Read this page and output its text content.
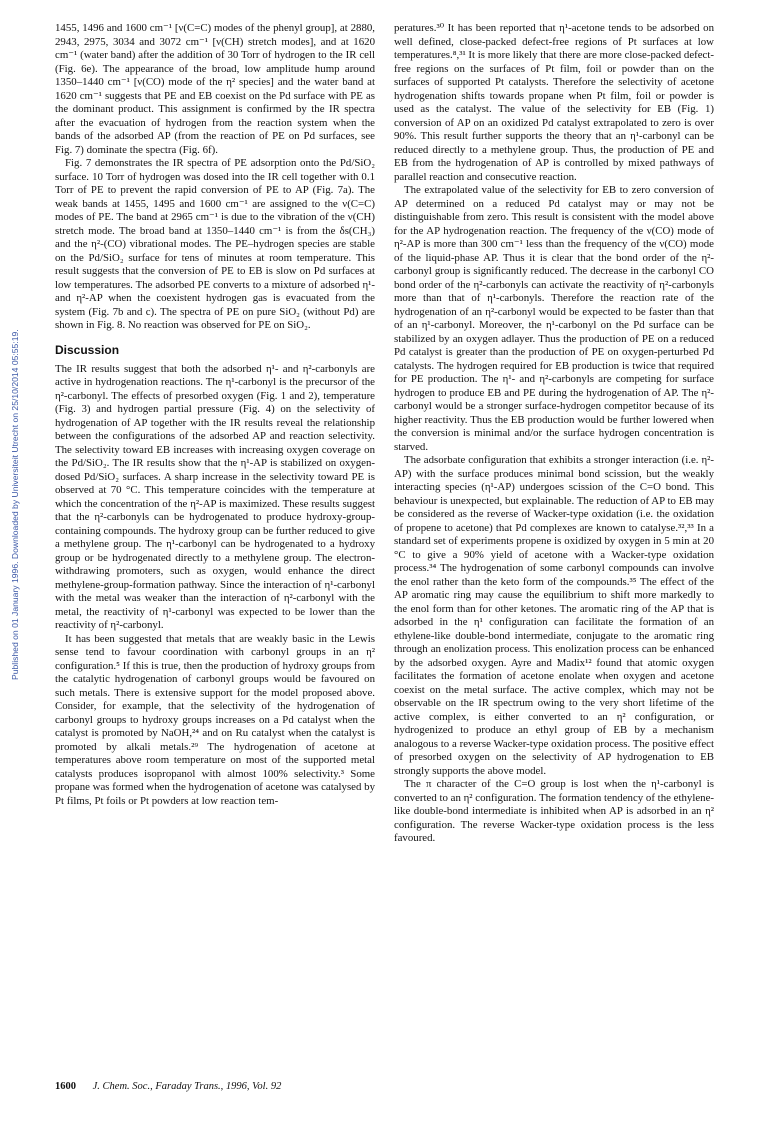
Published on 01 January 1996. Downloaded by Universiteit Utrecht on 25/10/2014 05:55:19.

1455, 1496 and 1600 cm⁻¹ [ν(C=C) modes of the phenyl group], at 2880, 2943, 2975, 3034 and 3072 cm⁻¹ [ν(CH) stretch modes], and at 1620 cm⁻¹ (water band) after the addition of 30 Torr of hydrogen to the IR cell (Fig. 6e). The appearance of the broad, low amplitude hump around 1350–1440 cm⁻¹ [ν(CO) mode of the η² species] and the water band at 1620 cm⁻¹ suggests that PE and EB coexist on the Pd surface with PE as the dominant product. This assignment is confirmed by the IR spectra after the evacuation of hydrogen from the reaction system when the bands of the adsorbed AP (from the reaction of PE on Pd surfaces, see Fig. 7) dominate the spectra (Fig. 6f).

Fig. 7 demonstrates the IR spectra of PE adsorption onto the Pd/SiO₂ surface. 10 Torr of hydrogen was dosed into the IR cell together with 0.1 Torr of PE to prevent the rapid conversion of PE to AP (Fig. 7a). The weak bands at 1455, 1495 and 1600 cm⁻¹ are assigned to the ν(C=C) modes of PE. The band at 2965 cm⁻¹ is due to the vibration of the ν(CH) stretch mode. The broad band at 1350–1440 cm⁻¹ is from the δs(CH₃) and the η²-(CO) vibrational modes. The PE–hydrogen species are stable on the Pd/SiO₂ surface for tens of minutes at room temperature. This result suggests that the conversion of PE to EB is slow on Pd surfaces at low temperatures. The adsorbed PE converts to a mixture of adsorbed η¹- and η²-AP when the coexistent hydrogen gas is evacuated from the system (Fig. 7b and c). The spectra of PE on pure SiO₂ (without Pd) are shown in Fig. 8. No reaction was observed for PE on SiO₂.

Discussion

The IR results suggest that both the adsorbed η¹- and η²-carbonyls are active in hydrogenation reactions. The η¹-carbonyl is the precursor of the η²-carbonyl. The effects of presorbed oxygen (Fig. 1 and 2), temperature (Fig. 3) and hydrogen partial pressure (Fig. 4) on the selectivity of hydrogenation of AP together with the IR results reveal the relationship between the configurations of the adsorbed AP and reaction selectivity. The selectivity toward EB increases with increasing oxygen coverage on the Pd/SiO₂. The IR results show that the η¹-AP is stabilized on oxygen-dosed Pd/SiO₂ surfaces. A sharp increase in the selectivity toward PE is observed at 70 °C. This temperature coincides with the temperature at which the concentration of the η²-AP is maximized. These results suggest that the η²-carbonyls can be hydrogenated to produce hydroxy-group-containing compounds. The hydroxy group can be further reduced to give a methylene group. The η¹-carbonyl can be hydrogenated to a hydroxy group or be hydrogenated directly to a methylene group. The electron-withdrawing promoters, such as oxygen, would enhance the direct methylene-group-formation pathway. Since the interaction of η¹-carbonyl with the metal was weaker than the interaction of η²-carbonyl with the metal, the reactivity of η¹-carbonyl was expected to be lower than the reactivity of η²-carbonyl.

It has been suggested that metals that are weakly basic in the Lewis sense tend to favour coordination with carbonyl groups in an η² configuration.⁵ If this is true, then the production of hydroxy groups from the catalytic hydrogenation of carbonyl groups would be favoured on such metals. There is extensive support for the model proposed above. Consider, for example, that the selectivity of the hydrogenation of carbonyl groups to hydroxy groups increases on a Pd catalyst when the catalyst is promoted by NaOH,²⁴ and on Ru catalyst when the catalyst is promoted by alkali metals.²⁹ The hydrogenation of acetone at temperatures above room temperature on most of the supported metal catalysts produces isopropanol with almost 100% selectivity.³ Some propane was formed when the hydrogenation of acetone was catalysed by Pt films, Pt foils or Pt powders at low reaction tem-

peratures.³⁰ It has been reported that η¹-acetone tends to be adsorbed on well defined, close-packed defect-free regions of Pt surfaces at low temperatures.⁸,³¹ It is more likely that there are more close-packed defect-free regions on the surfaces of Pt film, foil or powder than on the surfaces of supported Pt catalysts. Therefore the selectivity of acetone hydrogenation shifts towards propane when Pt film, foil or powder is used as the catalyst. The value of the selectivity for EB (Fig. 1) conversion of AP on an oxidized Pd catalyst extrapolated to zero is over 90%. This result further supports the theory that an η¹-carbonyl can be reduced directly to a methylene group. Thus, the production of PE and EB from the hydrogenation of AP is controlled by mixed pathways of parallel reaction and consecutive reaction.

The extrapolated value of the selectivity for EB to zero conversion of AP determined on a reduced Pd catalyst may or may not be distinguishable from zero. This result is consistent with the model above for the AP hydrogenation reaction. The frequency of the ν(CO) mode of η²-AP is more than 300 cm⁻¹ less than the frequency of the ν(CO) mode of the liquid-phase AP. Thus it is clear that the bond order of the η²-carbonyl group is significantly reduced. The decrease in the carbonyl CO bond order of the η²-carbonyls can activate the reactivity of η²-carbonyls more than that of η¹-carbonyls. Therefore the reaction rate of the hydrogenation of an η²-carbonyl would be expected to be faster than that of an η¹-carbonyl. Moreover, the η¹-carbonyl on the Pd surface can be stabilized by an oxygen adlayer. Thus the production of PE on a reduced Pd catalyst is greater than the production of PE on oxygen-perturbed Pd catalysts. The hydrogen required for EB production is twice that required for PE production. The η¹- and η²-carbonyls are competing for surface hydrogen to produce EB and PE during the hydrogenation of AP. The η²-carbonyl would be a stronger surface-hydrogen competitor because of its higher reactivity. Thus the EB production would be further lowered when the conversion is minimal and/or the surface hydrogen concentration is starved.

The adsorbate configuration that exhibits a stronger interaction (i.e. η²-AP) with the surface produces minimal bond scission, but the weakly interacting species (η¹-AP) undergoes scission of the C=O bond. This behaviour is unexpected, but explainable. The reduction of AP to EB may be considered as the reverse of Wacker-type oxidation (i.e. the oxidation of propene to acetone) that Pd complexes are known to catalyse.³²,³³ In a standard set of experiments propene is oxidized by oxygen in 5 min at 20 °C to give a 90% yield of acetone with a Wacker-type oxidation process.³⁴ The hydrogenation of some carbonyl compounds can involve the enol rather than the keto form of the compounds.³⁵ The effect of the AP aromatic ring may cause the equilibrium to shift more markedly to the enol form than for other ketones. The aromatic ring of the AP that is adsorbed in the η¹ configuration can facilitate the formation of an ethylene-like double-bond intermediate, conjugate to the aromatic ring through an enolization process. This enolization process can be enhanced by the adsorbed oxygen. Ayre and Madix¹² found that atomic oxygen facilitates the formation of acetone enolate when oxygen and acetone coexist on the metal surface. The active complex, which may not be observable on the IR spectrum owing to the very short lifetime of the active complex, is either converted to an η² configuration, or hydrogenized to produce an ethyl group of EB by a mechanism analogous to a reverse Wacker-type oxidation process. The positive effect of presorbed oxygen on the selectivity of AP hydrogenation to EB strongly supports the above model.

The π character of the C=O group is lost when the η¹-carbonyl is converted to an η² configuration. The formation tendency of the ethylene-like double-bond intermediate is inhibited when AP is adsorbed in an η² configuration. The reverse Wacker-type oxidation process is the less favoured.

1600 J. Chem. Soc., Faraday Trans., 1996, Vol. 92
